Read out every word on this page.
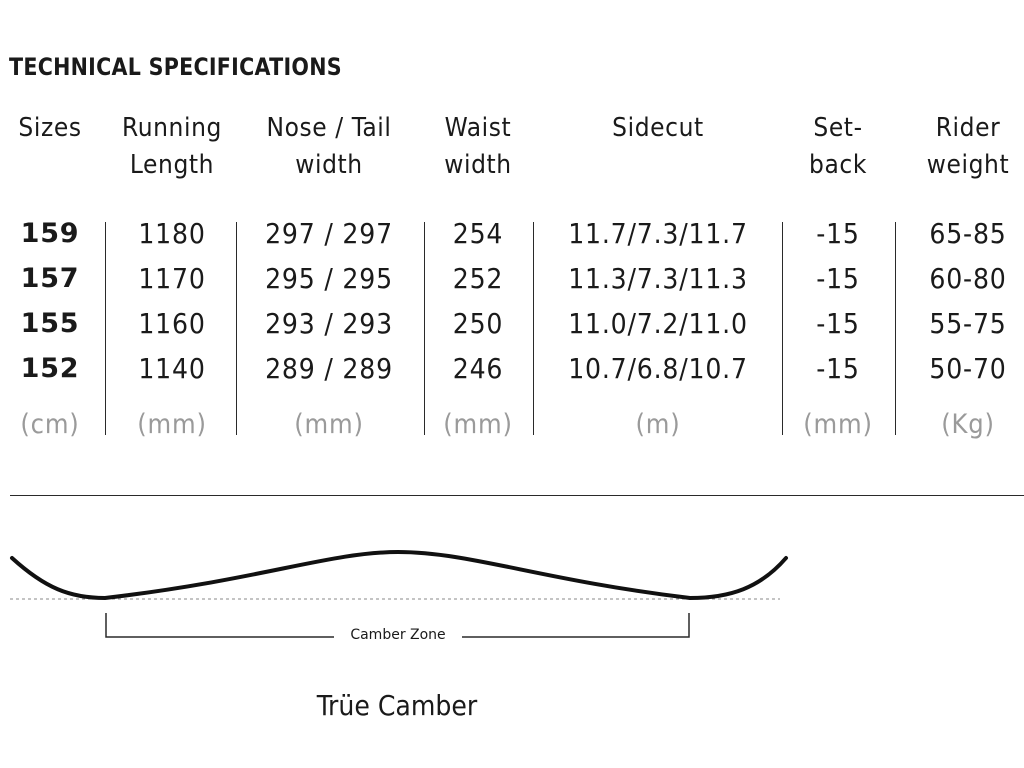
TECHNICAL SPECIFICATIONS
Sizes
159
157
155
152
(cm)
Running
Length
1180
1170
1160
1140
(mm)
Nose / Tail
width
297 / 297
295 / 295
293 / 293
289 / 289
(mm)
Waist
width
254
252
250
246
(mm)
Sidecut
11.7/7.3/11.7
11.3/7.3/11.3
11.0/7.2/11.0
10.7/6.8/10.7
(m)
Set-
back
-15
-15
-15
-15
(mm)
Rider
weight
65-85
60-80
55-75
50-70
(Kg)
Camber Zone
Trüe Camber
